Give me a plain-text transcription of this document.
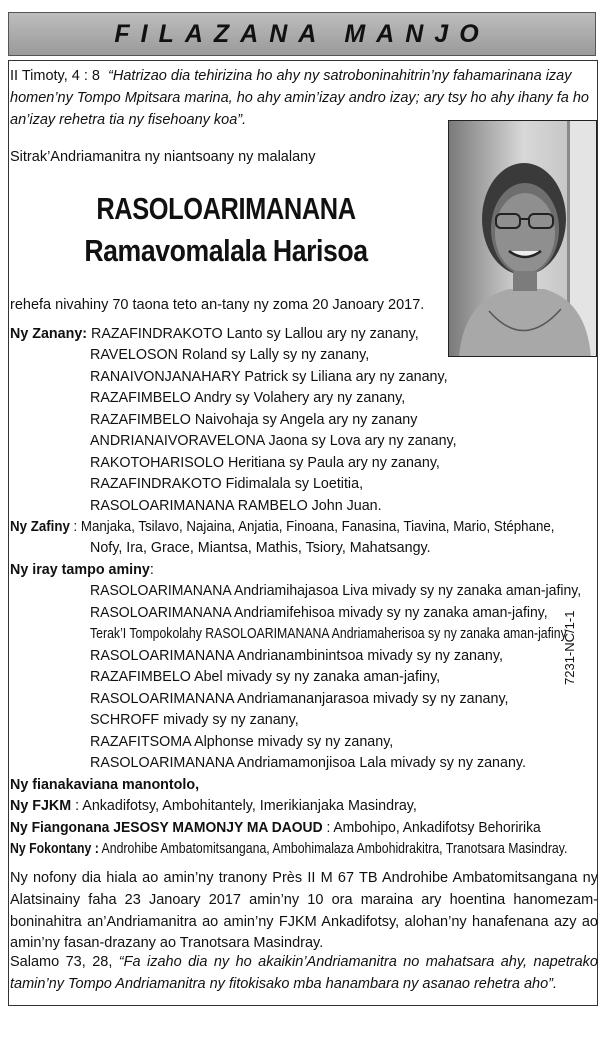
FILAZANA MANJO
II Timoty, 4 : 8 “Hatrizao dia tehirizina ho ahy ny satroboninahitrin’ny fahamarinana izay homen’ny Tompo Mpitsara marina, ho ahy amin’izay andro izay; ary tsy ho ahy ihany fa ho an’izay rehetra tia ny fisehoany koa”.
Sitrak’Andriamanitra ny niantsoany ny malalany
RASOLOARIMANANA
Ramavomalala Harisoa
rehefa nivahiny 70 taona teto an-tany ny zoma 20 Janoary 2017.
Ny Zanany: RAZAFINDRAKOTO Lanto sy Lallou ary ny zanany,
RAVELOSON Roland sy Lally sy ny zanany,
RANAIVONJANAHARY Patrick sy Liliana ary ny zanany,
RAZAFIMBELO Andry sy Volahery ary ny zanany,
RAZAFIMBELO Naivohaja sy Angela ary ny zanany
ANDRIANAIVORAVELONA Jaona sy Lova ary ny zanany,
RAKOTOHARISOLO Heritiana sy Paula ary ny zanany,
RAZAFINDRAKOTO Fidimalala sy Loetitia,
RASOLOARIMANANA RAMBELO John Juan.
Ny Zafiny : Manjaka, Tsilavo, Najaina, Anjatia, Finoana, Fanasina, Tiavina, Mario, Stéphane,
Nofy, Ira, Grace, Miantsa, Mathis, Tsiory, Mahatsangy.
Ny iray tampo aminy:
RASOLOARIMANANA Andriamihajasoa Liva mivady sy ny zanaka aman-jafiny,
RASOLOARIMANANA Andriamifehisoa mivady sy ny zanaka aman-jafiny,
Terak’I Tompokolahy RASOLOARIMANANA Andriamaherisoa sy ny zanaka aman-jafiny
RASOLOARIMANANA Andrianambinintsoa mivady sy ny zanany,
RAZAFIMBELO Abel mivady sy ny zanaka aman-jafiny,
RASOLOARIMANANA Andriamananjarasoa mivady sy ny zanany,
SCHROFF mivady sy ny zanany,
RAZAFITSOMA Alphonse mivady sy ny zanany,
RASOLOARIMANANA Andriamamonjisoa Lala mivady sy ny zanany.
7231-NC/1-1
Ny fianakaviana manontolo,
Ny FJKM : Ankadifotsy, Ambohitantely, Imerikianjaka Masindray,
Ny Fiangonana JESOSY MAMONJY MA DAOUD : Ambohipo, Ankadifotsy Behoririka
Ny Fokontany : Androhibe Ambatomitsangana, Ambohimalaza Ambohidrakitra, Tranotsara Masindray.
Ny nofony dia hiala ao amin’ny tranony Près II M 67 TB Androhibe Ambatomitsangana ny Alatsinainy faha 23 Janoary 2017 amin’ny 10 ora maraina ary hoentina hanomezam-boninahitra an’Andriamanitra ao amin’ny FJKM Ankadifotsy, alohan’ny hanafenana azy ao amin’ny fasan-drazany ao Tranotsara Masindray.
Salamo 73, 28, “Fa izaho dia ny ho akaikin’Andriamanitra no mahatsara ahy, napetrako tamin’ny Tompo Andriamanitra ny fitokisako mba hanambara ny asanao rehetra aho”.
